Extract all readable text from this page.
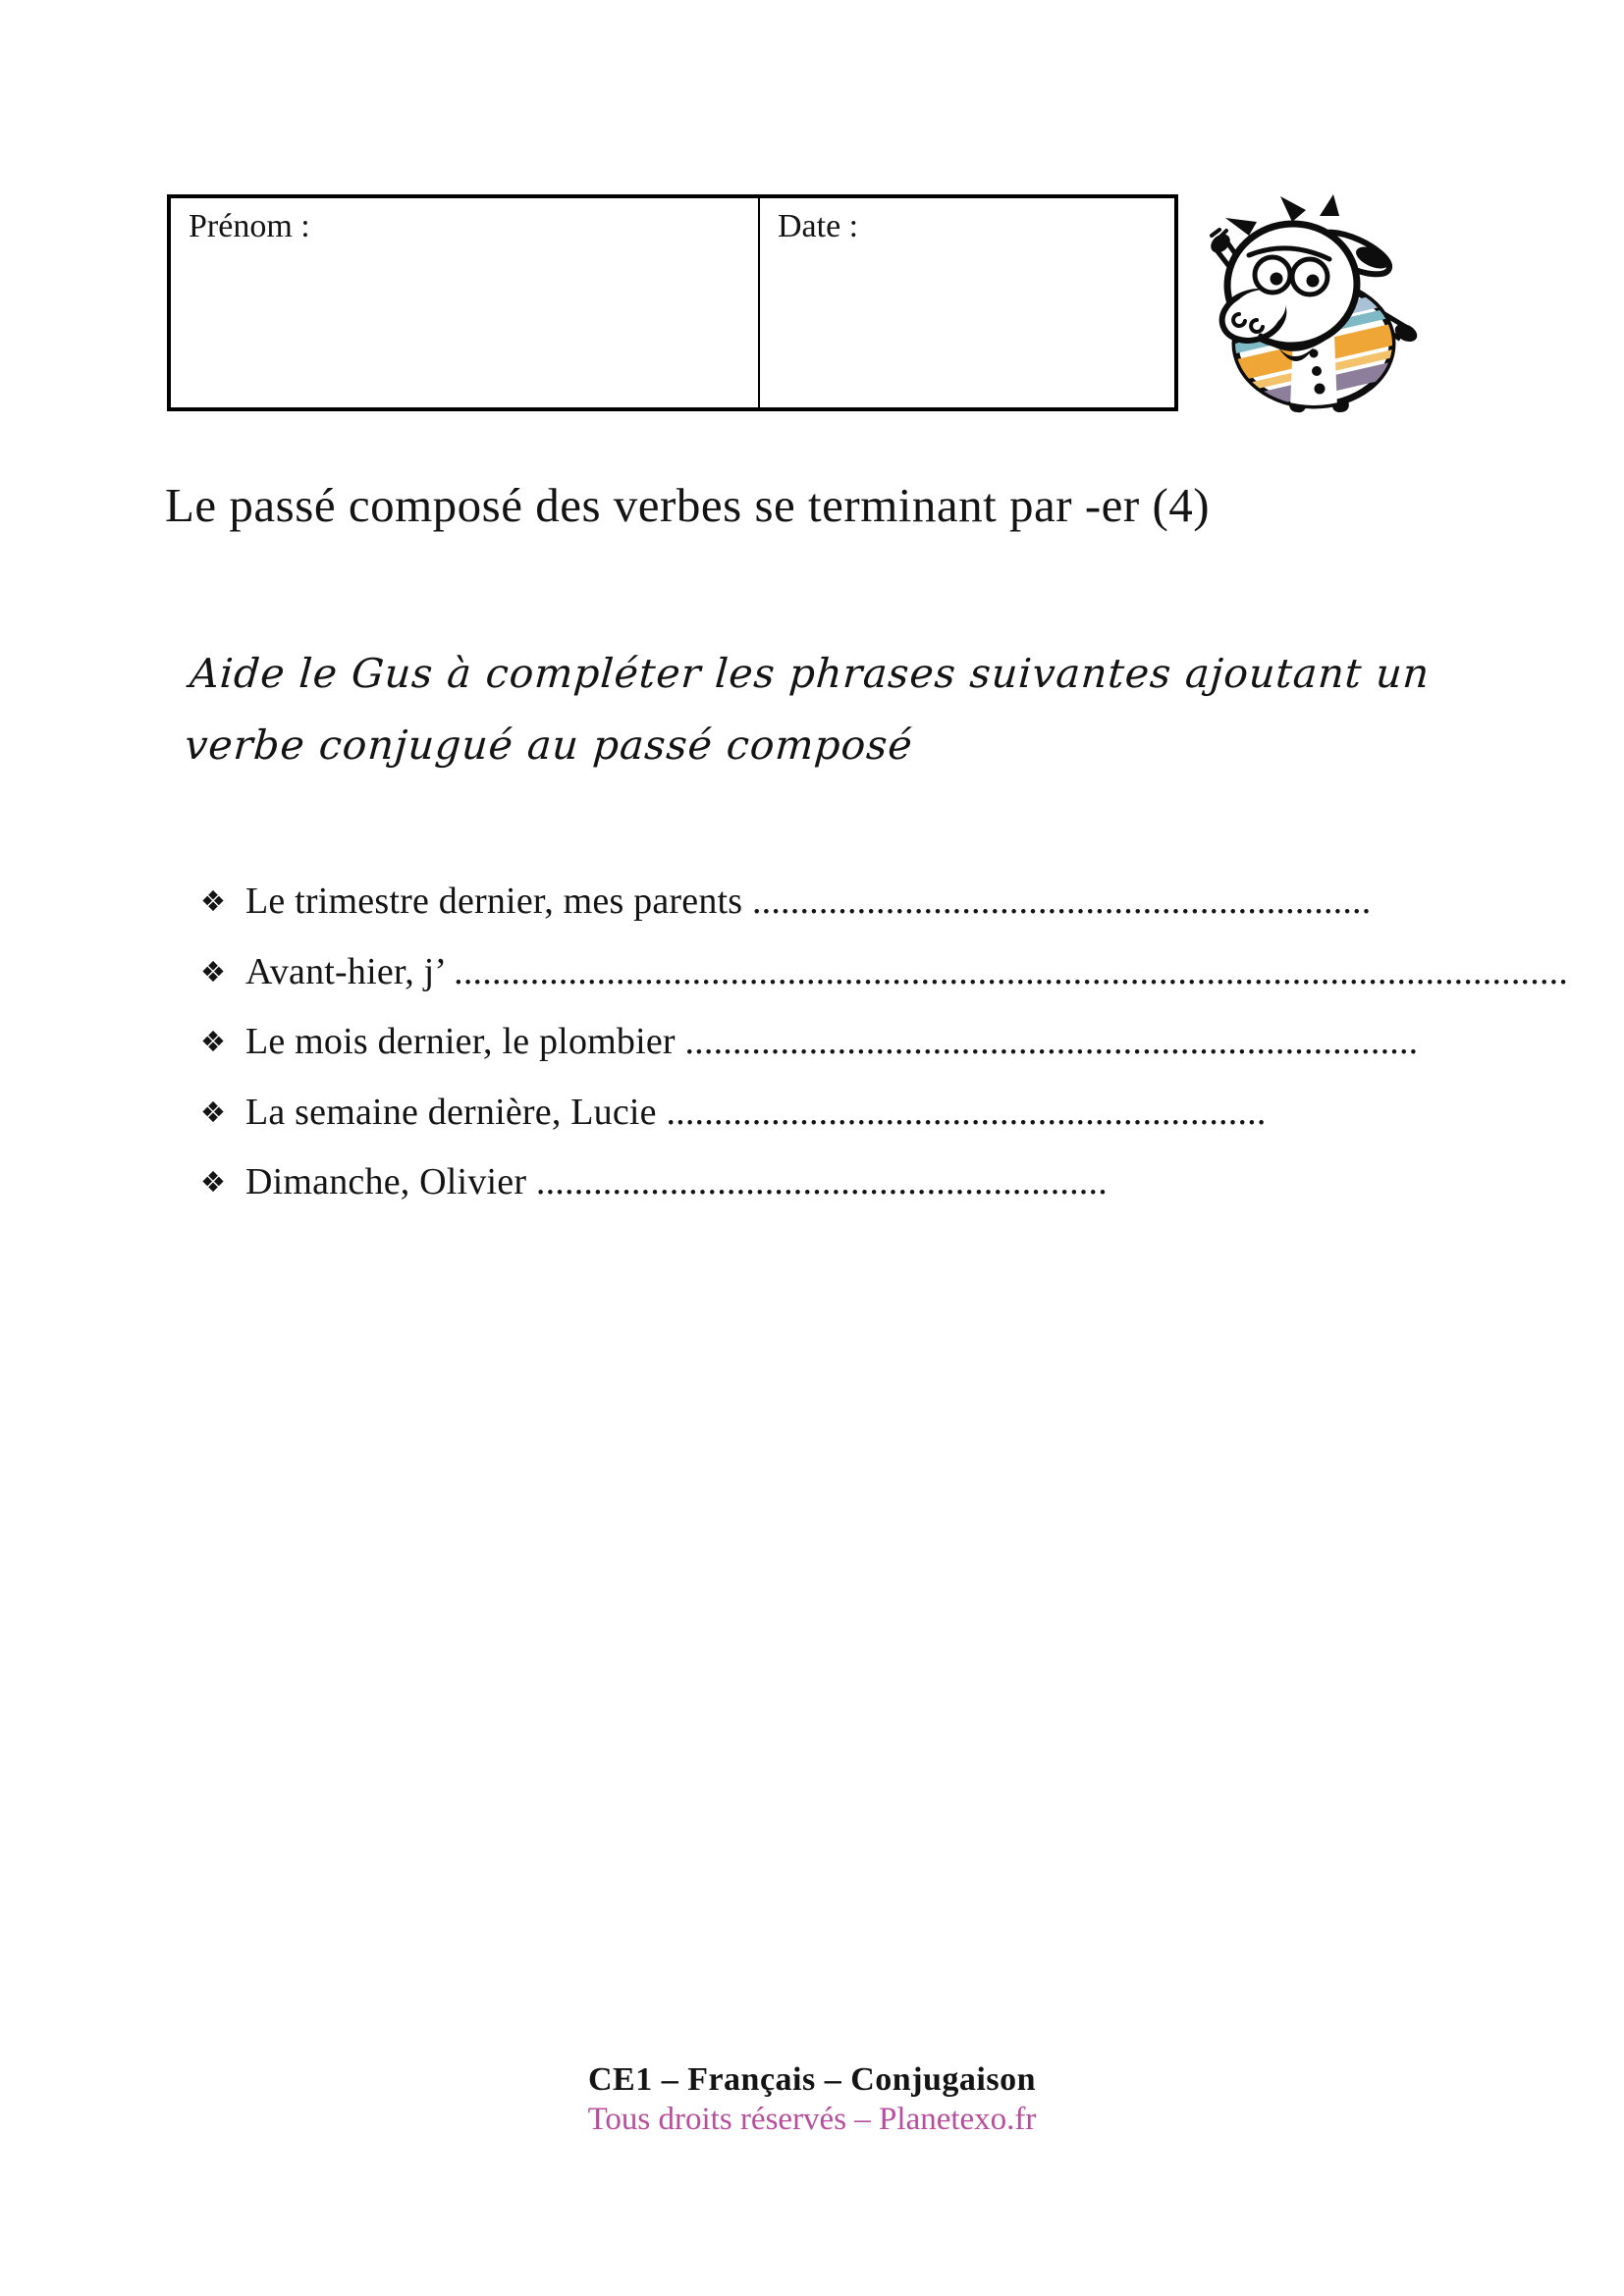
Prénom :	Date :
Le passé composé des verbes se terminant par -er (4)
Aide le Gus à compléter les phrases suivantes ajoutant un
verbe conjugué au passé composé
❖ Le trimestre dernier, mes parents .................................................................
❖ Avant-hier, j’ .....................................................................................................................
❖ Le mois dernier, le plombier .............................................................................
❖ La semaine dernière, Lucie ...............................................................
❖ Dimanche, Olivier ............................................................
CE1 – Français – Conjugaison
Tous droits réservés – Planetexo.fr
